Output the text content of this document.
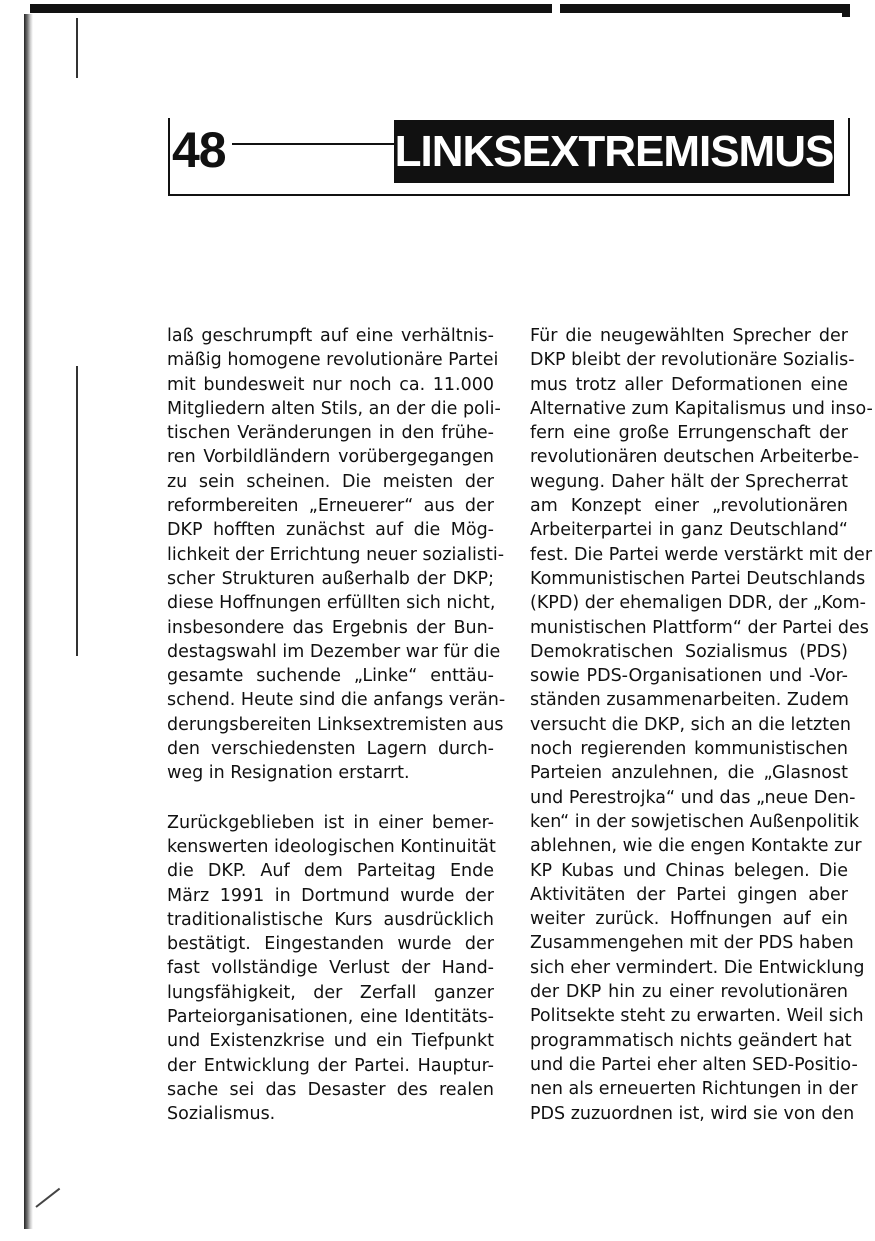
48	LINKSEXTREMISMUS
laß geschrumpft auf eine verhältnis-
mäßig homogene revolutionäre Partei
mit bundesweit nur noch ca. 11.000
Mitgliedern alten Stils, an der die poli-
tischen Veränderungen in den frühe-
ren Vorbildländern vorübergegangen
zu sein scheinen. Die meisten der
reformbereiten „Erneuerer“ aus der
DKP hofften zunächst auf die Mög-
lichkeit der Errichtung neuer sozialisti-
scher Strukturen außerhalb der DKP;
diese Hoffnungen erfüllten sich nicht,
insbesondere das Ergebnis der Bun-
destagswahl im Dezember war für die
gesamte suchende „Linke“ enttäu-
schend. Heute sind die anfangs verän-
derungsbereiten Linksextremisten aus
den verschiedensten Lagern durch-
weg in Resignation erstarrt.
Zurückgeblieben ist in einer bemer-
kenswerten ideologischen Kontinuität
die DKP. Auf dem Parteitag Ende
März 1991 in Dortmund wurde der
traditionalistische Kurs ausdrücklich
bestätigt. Eingestanden wurde der
fast vollständige Verlust der Hand-
lungsfähigkeit, der Zerfall ganzer
Parteiorganisationen, eine Identitäts-
und Existenzkrise und ein Tiefpunkt
der Entwicklung der Partei. Hauptur-
sache sei das Desaster des realen
Sozialismus.
Für die neugewählten Sprecher der
DKP bleibt der revolutionäre Sozialis-
mus trotz aller Deformationen eine
Alternative zum Kapitalismus und inso-
fern eine große Errungenschaft der
revolutionären deutschen Arbeiterbe-
wegung. Daher hält der Sprecherrat
am Konzept einer „revolutionären
Arbeiterpartei in ganz Deutschland“
fest. Die Partei werde verstärkt mit der
Kommunistischen Partei Deutschlands
(KPD) der ehemaligen DDR, der „Kom-
munistischen Plattform“ der Partei des
Demokratischen Sozialismus (PDS)
sowie PDS-Organisationen und -Vor-
ständen zusammenarbeiten. Zudem
versucht die DKP, sich an die letzten
noch regierenden kommunistischen
Parteien anzulehnen, die „Glasnost
und Perestrojka“ und das „neue Den-
ken“ in der sowjetischen Außenpolitik
ablehnen, wie die engen Kontakte zur
KP Kubas und Chinas belegen. Die
Aktivitäten der Partei gingen aber
weiter zurück. Hoffnungen auf ein
Zusammengehen mit der PDS haben
sich eher vermindert. Die Entwicklung
der DKP hin zu einer revolutionären
Politsekte steht zu erwarten. Weil sich
programmatisch nichts geändert hat
und die Partei eher alten SED-Positio-
nen als erneuerten Richtungen in der
PDS zuzuordnen ist, wird sie von den
